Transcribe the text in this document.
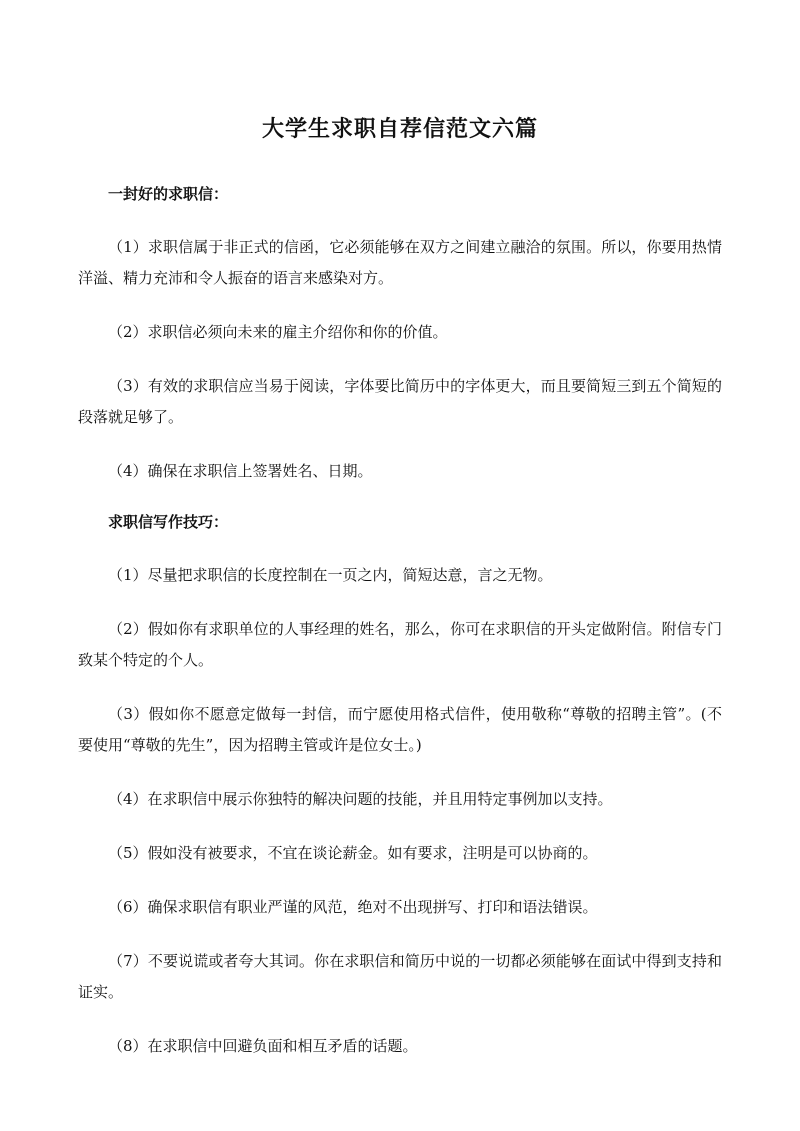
大学生求职自荐信范文六篇
一封好的求职信：

（1）求职信属于非正式的信函，它必须能够在双方之间建立融洽的氛围。所以，你要用热情洋溢、精力充沛和令人振奋的语言来感染对方。

（2）求职信必须向未来的雇主介绍你和你的价值。

（3）有效的求职信应当易于阅读，字体要比简历中的字体更大，而且要简短三到五个简短的段落就足够了。

（4）确保在求职信上签署姓名、日期。

求职信写作技巧：

（1）尽量把求职信的长度控制在一页之内，简短达意，言之无物。

（2）假如你有求职单位的人事经理的姓名，那么，你可在求职信的开头定做附信。附信专门致某个特定的个人。

（3）假如你不愿意定做每一封信，而宁愿使用格式信件，使用敬称“尊敬的招聘主管”。(不要使用“尊敬的先生”，因为招聘主管或许是位女士。)

（4）在求职信中展示你独特的解决问题的技能，并且用特定事例加以支持。

（5）假如没有被要求，不宜在谈论薪金。如有要求，注明是可以协商的。

（6）确保求职信有职业严谨的风范，绝对不出现拼写、打印和语法错误。

（7）不要说谎或者夸大其词。你在求职信和简历中说的一切都必须能够在面试中得到支持和证实。

（8）在求职信中回避负面和相互矛盾的话题。
